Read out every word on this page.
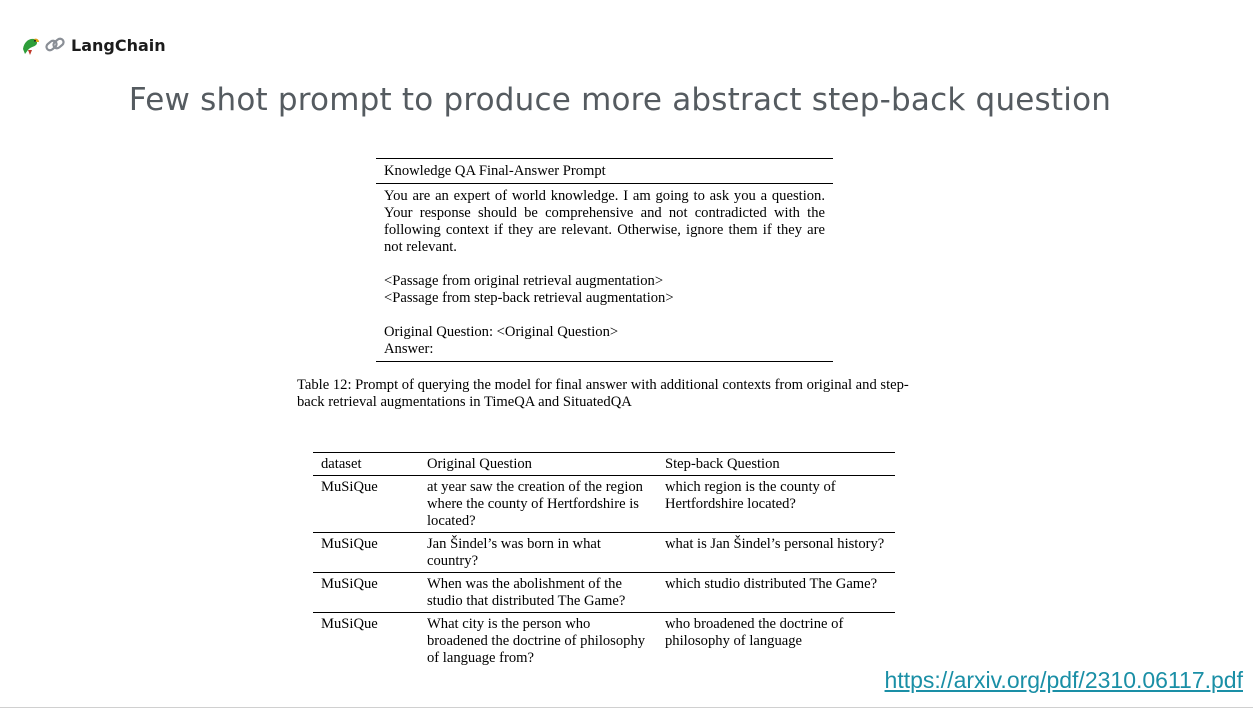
LangChain
Few shot prompt to produce more abstract step-back question
Knowledge QA Final-Answer Prompt

You are an expert of world knowledge. I am going to ask you a question. Your response should be comprehensive and not contradicted with the following context if they are relevant. Otherwise, ignore them if they are not relevant.

<Passage from original retrieval augmentation>

<Passage from step-back retrieval augmentation>

Original Question: <Original Question>

Answer:

Table 12: Prompt of querying the model for final answer with additional contexts from original and step-back retrieval augmentations in TimeQA and SituatedQA
dataset	Original Question	Step-back Question
MuSiQue	at year saw the creation of the region where the county of Hertfordshire is located?	which region is the county of Hertfordshire located?
MuSiQue	Jan Šindel’s was born in what country?	what is Jan Šindel’s personal history?
MuSiQue	When was the abolishment of the studio that distributed The Game?	which studio distributed The Game?
MuSiQue	What city is the person who broadened the doctrine of philosophy of language from?	who broadened the doctrine of philosophy of language
https://arxiv.org/pdf/2310.06117.pdf
